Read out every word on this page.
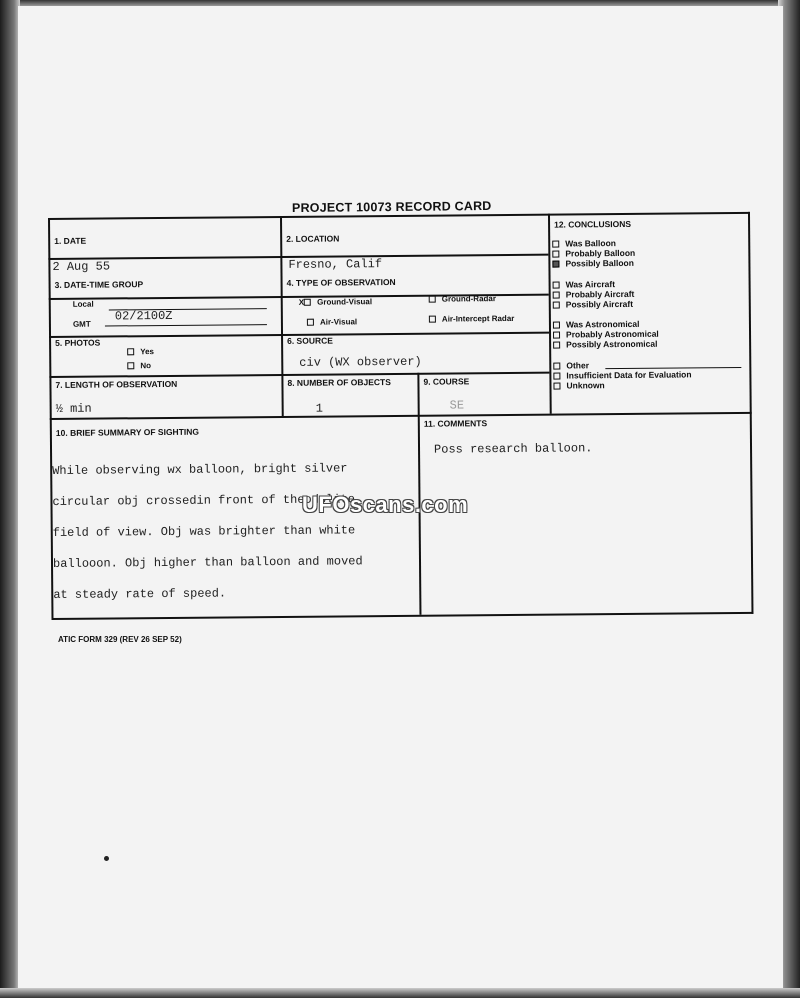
PROJECT 10073 RECORD CARD
1. DATE
2 Aug 55
2. LOCATION
Fresno, Calif
3. DATE-TIME GROUP
Local
GMT
02/2100Z
4. TYPE OF OBSERVATION
X Ground-Visual	Ground-Radar
Air-Visual	Air-Intercept Radar
5. PHOTOS
Yes
No
6. SOURCE
civ (WX observer)
7. LENGTH OF OBSERVATION
½ min
8. NUMBER OF OBJECTS
1
9. COURSE
SE
10. BRIEF SUMMARY OF SIGHTING

While observing wx balloon, bright silver

circular obj crossedin front of theodolite

field of view. Obj was brighter than white

ballooon. Obj higher than balloon and moved

at steady rate of speed.

11. COMMENTS
Poss research balloon.
12. CONCLUSIONS
Was Balloon
Probably Balloon
Possibly Balloon
Was Aircraft
Probably Aircraft
Possibly Aircraft
Was Astronomical
Probably Astronomical
Possibly Astronomical
Other
Insufficient Data for Evaluation
Unknown
UFOscans.com
ATIC FORM 329 (REV 26 SEP 52)
